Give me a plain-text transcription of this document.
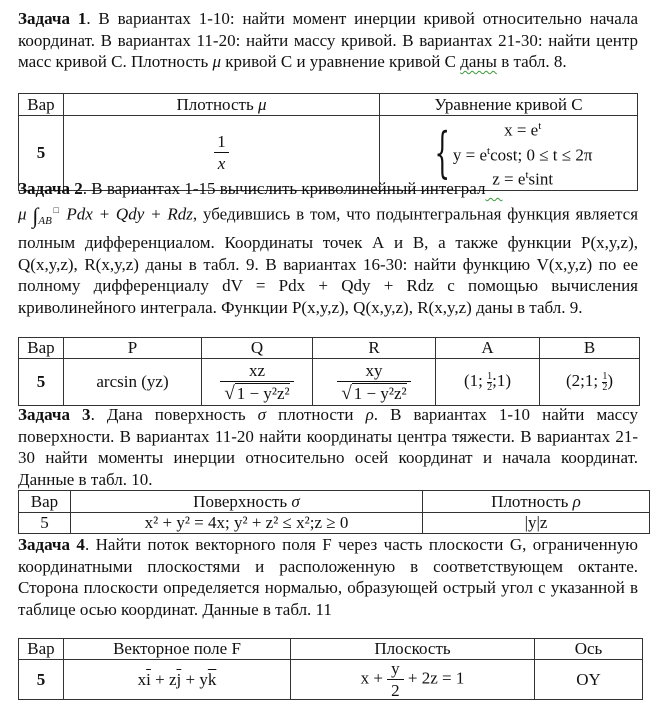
Задача 1. В вариантах 1-10: найти момент инерции кривой относительно начала координат. В вариантах 11-20: найти массу кривой. В вариантах 21-30: найти центр масс кривой С. Плотность μ кривой С и уравнение кривой С даны в табл. 8.
Вар	Плотность μ	Уравнение кривой С
5	$\frac{1}{x}$	{ $x = e^t$
$y = e^t\cos t$; 0 ≤ t ≤ 2π
$z = e^t\sin t$
Задача 2. В вариантах 1-15 вычислить криволинейный интеграл
μ $\int_{AB}^□$ Pdx + Qdy + Rdz, убедившись в том, что подынтегральная функция является полным дифференциалом. Координаты точек А и В, а также функции P(x,y,z), Q(x,y,z), R(x,y,z) даны в табл. 9. В вариантах 16-30: найти функцию V(x,y,z) по ее полному дифференциалу dV = Pdx + Qdy + Rdz с помощью вычисления криволинейного интеграла. Функции P(x,y,z), Q(x,y,z), R(x,y,z) даны в табл. 9.
Вар	P	Q	R	A	B
5	arcsin (yz)	$\frac{xz}{\text{√ 1 − y²z²}}$	$\frac{xy}{\text{√ 1 − y²z²}}$	(1; $\frac{1}{2}$ ;1)	(2;1; $\frac{1}{2}$ )
Задача 3. Дана поверхность σ плотности ρ. В вариантах 1-10 найти массу поверхности. В вариантах 11-20 найти координаты центра тяжести. В вариантах 21-30 найти моменты инерции относительно осей координат и начала координат. Данные в табл. 10.
Вар	Поверхность σ	Плотность ρ
5	x² + y² = 4x; y² + z² ≤ x²;z ≥ 0	|y|z
Задача 4. Найти поток векторного поля F через часть плоскости G, ограниченную координатными плоскостями и расположенную в соответствующем октанте. Сторона плоскости определяется нормалью, образующей острый угол с указанной в таблице осью координат. Данные в табл. 11
Вар	Векторное поле F	Плоскость	Ось
5	$x\overline{i} + z\overline{j} + y\overline{k}$	$x + \frac{y}{2} + 2z = 1$	OY
